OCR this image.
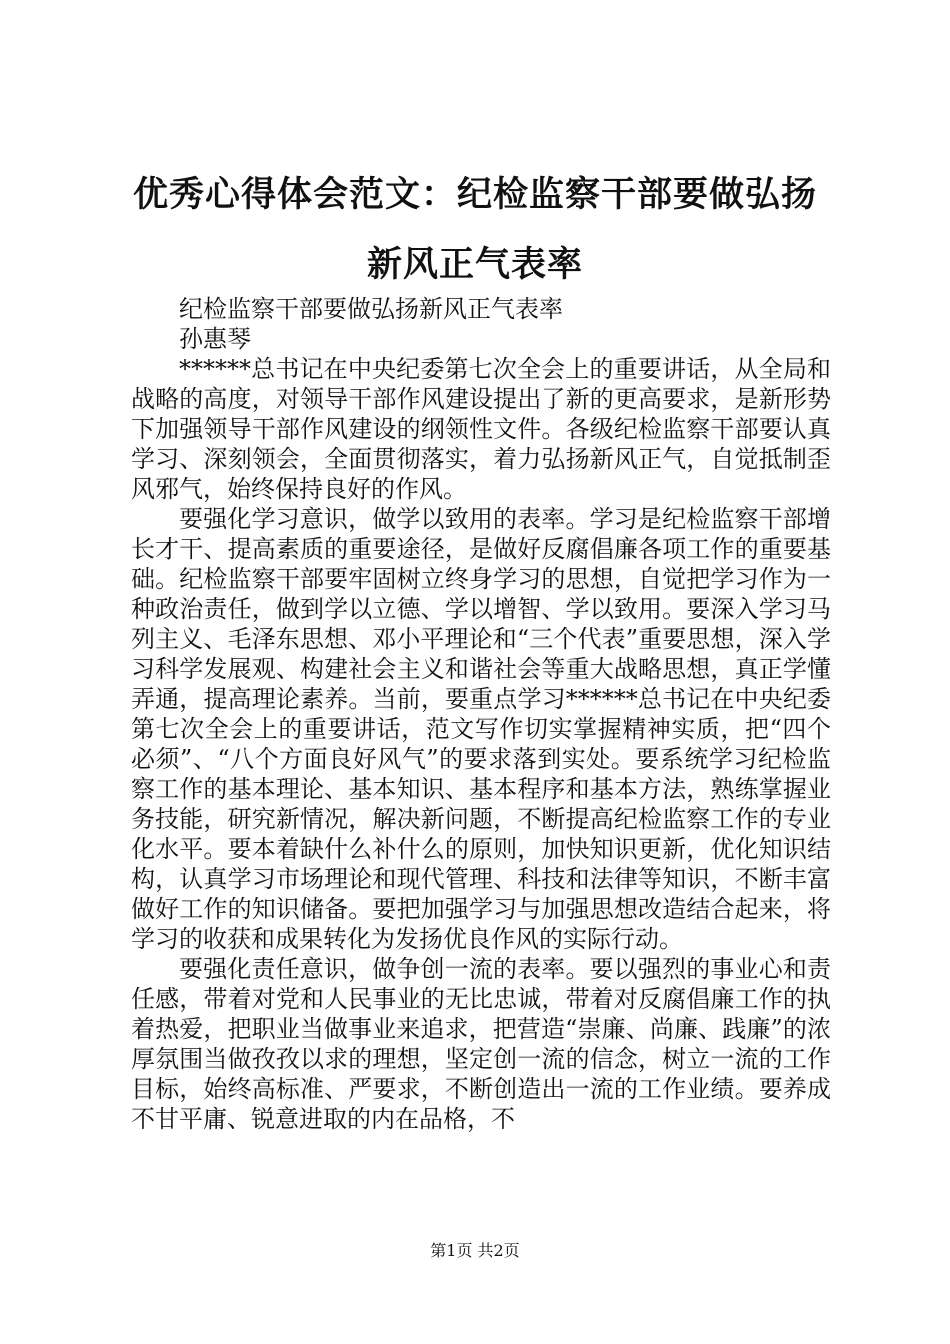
优秀心得体会范文：纪检监察干部要做弘扬新风正气表率

纪检监察干部要做弘扬新风正气表率

孙惠琴

******总书记在中央纪委第七次全会上的重要讲话，从全局和战略的高度，对领导干部作风建设提出了新的更高要求，是新形势下加强领导干部作风建设的纲领性文件。各级纪检监察干部要认真学习、深刻领会，全面贯彻落实，着力弘扬新风正气，自觉抵制歪风邪气，始终保持良好的作风。

要强化学习意识，做学以致用的表率。学习是纪检监察干部增长才干、提高素质的重要途径，是做好反腐倡廉各项工作的重要基础。纪检监察干部要牢固树立终身学习的思想，自觉把学习作为一种政治责任，做到学以立德、学以增智、学以致用。要深入学习马列主义、毛泽东思想、邓小平理论和“三个代表”重要思想，深入学习科学发展观、构建社会主义和谐社会等重大战略思想，真正学懂弄通，提高理论素养。当前，要重点学习******总书记在中央纪委第七次全会上的重要讲话，范文写作切实掌握精神实质，把“四个必须”、“八个方面良好风气”的要求落到实处。要系统学习纪检监察工作的基本理论、基本知识、基本程序和基本方法，熟练掌握业务技能，研究新情况，解决新问题，不断提高纪检监察工作的专业化水平。要本着缺什么补什么的原则，加快知识更新，优化知识结构，认真学习市场理论和现代管理、科技和法律等知识，不断丰富做好工作的知识储备。要把加强学习与加强思想改造结合起来，将学习的收获和成果转化为发扬优良作风的实际行动。

要强化责任意识，做争创一流的表率。要以强烈的事业心和责任感，带着对党和人民事业的无比忠诚，带着对反腐倡廉工作的执着热爱，把职业当做事业来追求，把营造“崇廉、尚廉、践廉”的浓厚氛围当做孜孜以求的理想，坚定创一流的信念，树立一流的工作目标，始终高标准、严要求，不断创造出一流的工作业绩。要养成不甘平庸、锐意进取的内在品格，不

第1页 共2页
